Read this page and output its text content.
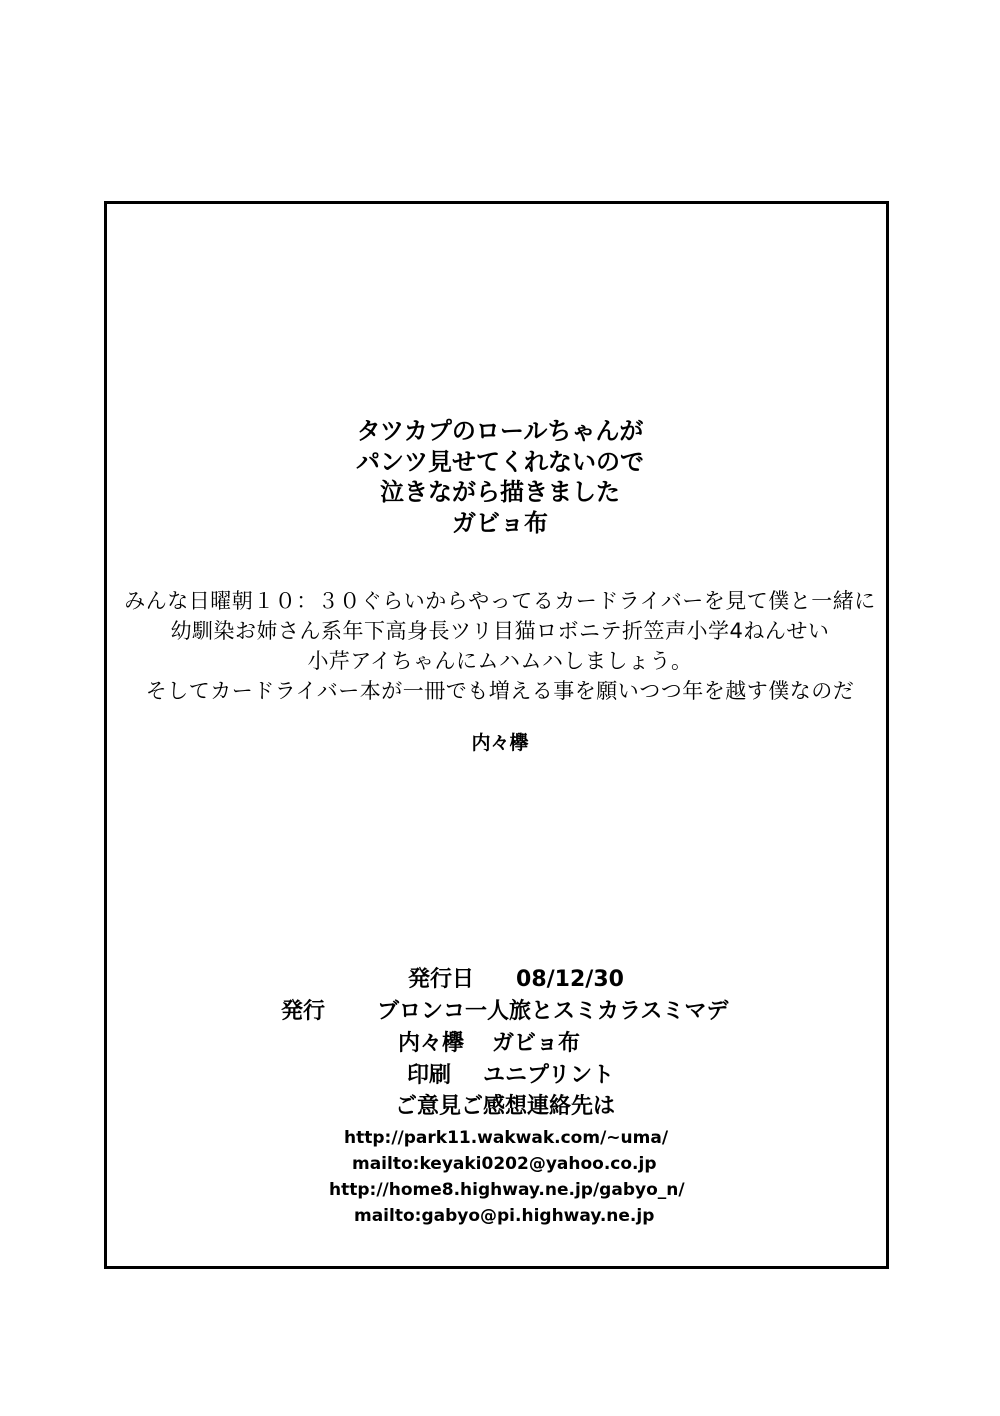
タツカプのロールちゃんが
パンツ見せてくれないので
泣きながら描きました
ガビョ布
みんな日曜朝１０：３０ぐらいからやってるカードライバーを見て僕と一緒に
幼馴染お姉さん系年下高身長ツリ目猫ロボニテ折笠声小学4ねんせい
小芹アイちゃんにムハムハしましょう。
そしてカードライバー本が一冊でも増える事を願いつつ年を越す僕なのだ
内々欅
発行日 08/12/30
発行 ブロンコ一人旅とスミカラスミマデ
内々欅 ガビョ布
印刷 ユニプリント
ご意見ご感想連絡先は
http://park11.wakwak.com/~uma/
mailto:keyaki0202@yahoo.co.jp
http://home8.highway.ne.jp/gabyo_n/
mailto:gabyo@pi.highway.ne.jp
